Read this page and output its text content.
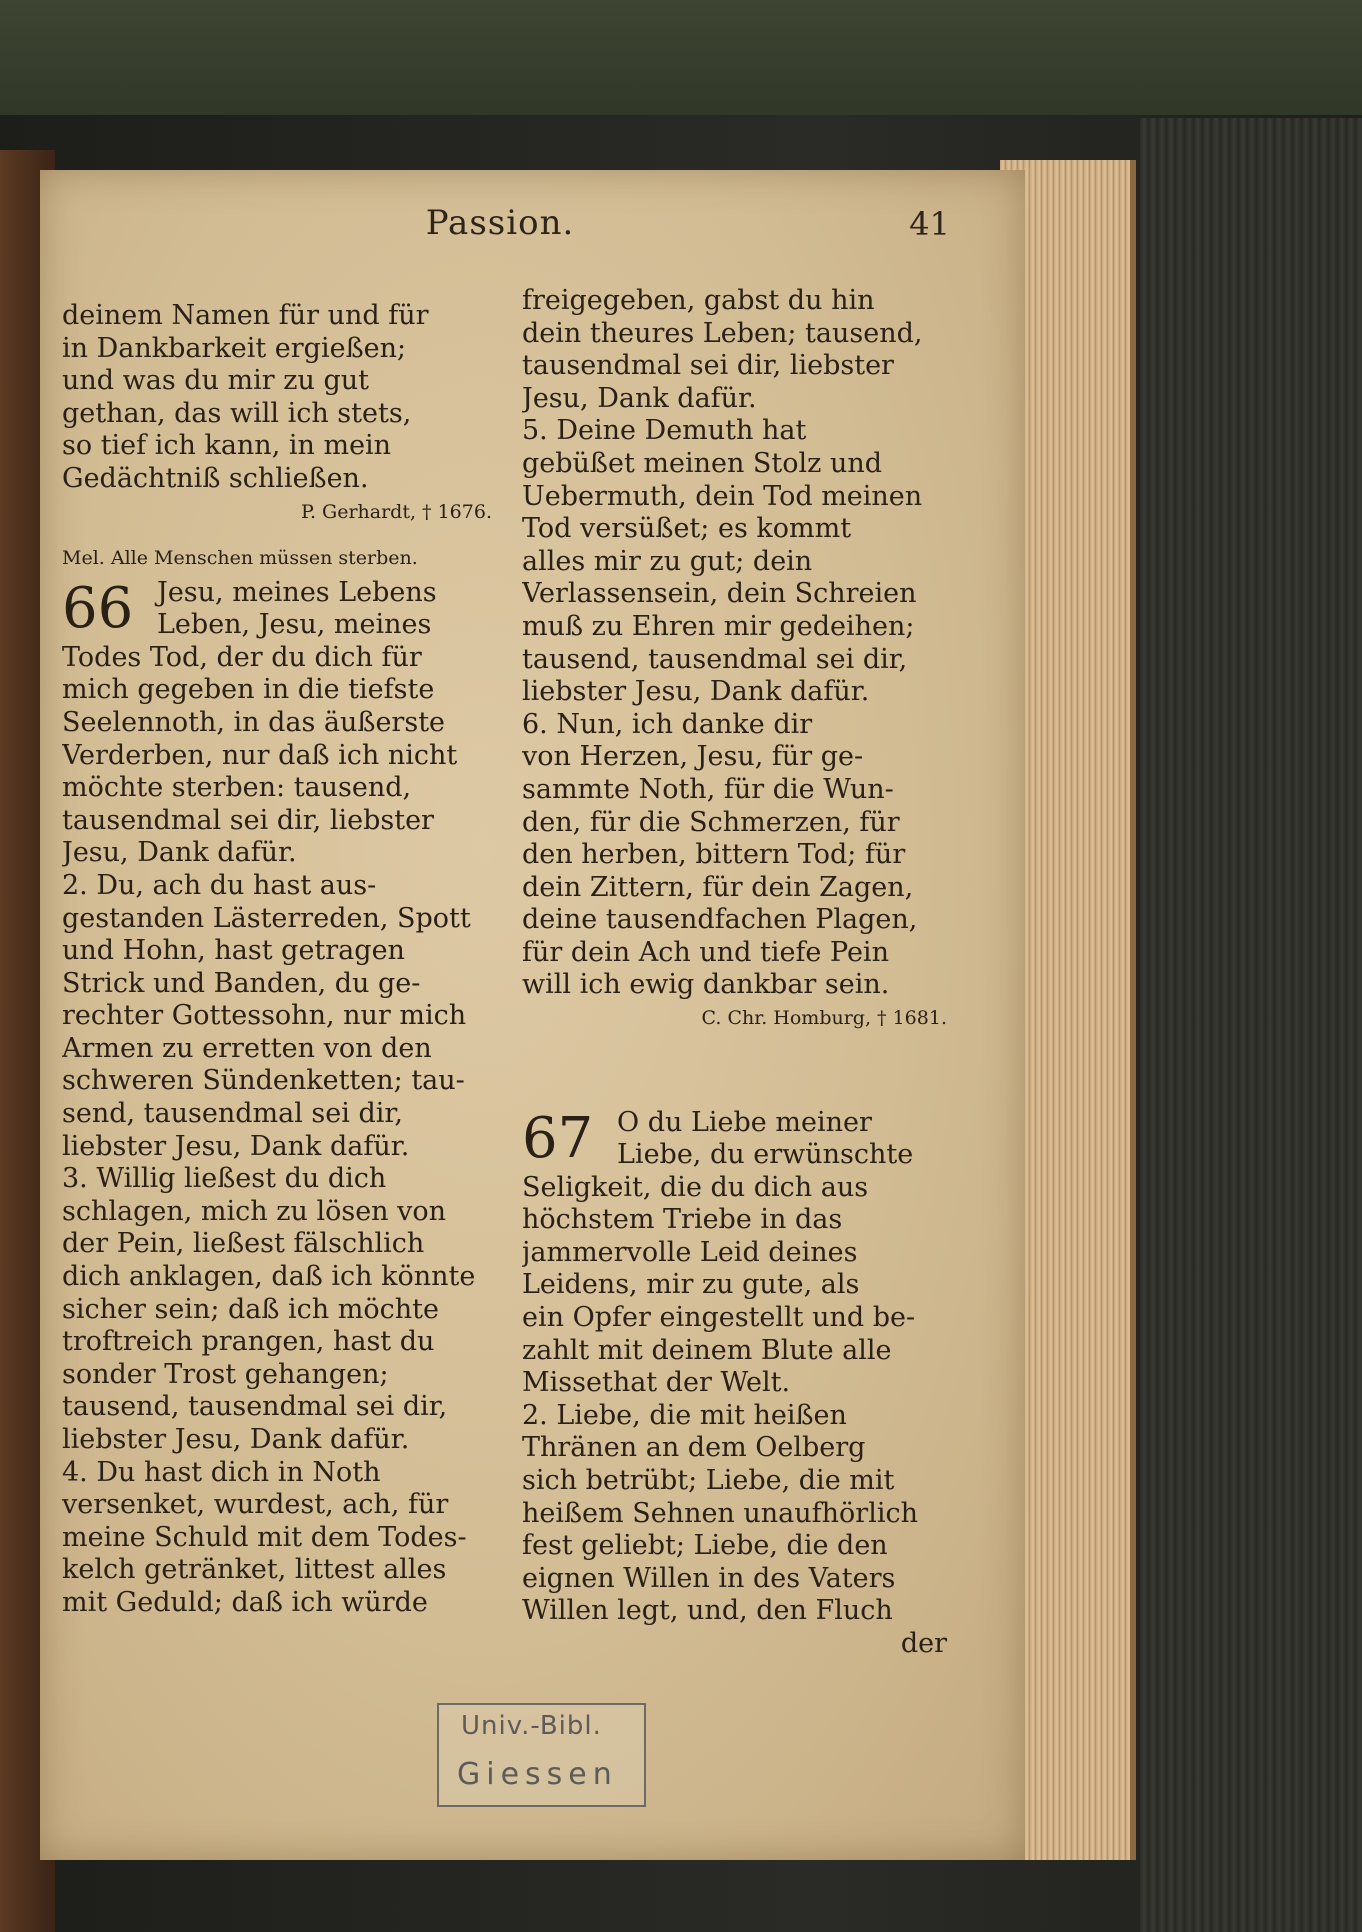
Passion.	41
deinem Namen für und für
in Dankbarkeit ergießen;
und was du mir zu gut
gethan, das will ich stets,
so tief ich kann, in mein
Gedächtniß schließen.
P. Gerhardt, † 1676.
Mel. Alle Menschen müssen sterben.
66 Jesu, meines Lebens
Leben, Jesu, meines
Todes Tod, der du dich für
mich gegeben in die tiefste
Seelennoth, in das äußerste
Verderben, nur daß ich nicht
möchte sterben: tausend,
tausendmal sei dir, liebster
Jesu, Dank dafür.
2. Du, ach du hast aus-
gestanden Lästerreden, Spott
und Hohn, hast getragen
Strick und Banden, du ge-
rechter Gottessohn, nur mich
Armen zu erretten von den
schweren Sündenketten; tau-
send, tausendmal sei dir,
liebster Jesu, Dank dafür.
3. Willig ließest du dich
schlagen, mich zu lösen von
der Pein, ließest fälschlich
dich anklagen, daß ich könnte
sicher sein; daß ich möchte
troftreich prangen, hast du
sonder Trost gehangen;
tausend, tausendmal sei dir,
liebster Jesu, Dank dafür.
4. Du hast dich in Noth
versenket, wurdest, ach, für
meine Schuld mit dem Todes-
kelch getränket, littest alles
mit Geduld; daß ich würde
freigegeben, gabst du hin
dein theures Leben; tausend,
tausendmal sei dir, liebster
Jesu, Dank dafür.
5. Deine Demuth hat
gebüßet meinen Stolz und
Uebermuth, dein Tod meinen
Tod versüßet; es kommt
alles mir zu gut; dein
Verlassensein, dein Schreien
muß zu Ehren mir gedeihen;
tausend, tausendmal sei dir,
liebster Jesu, Dank dafür.
6. Nun, ich danke dir
von Herzen, Jesu, für ge-
sammte Noth, für die Wun-
den, für die Schmerzen, für
den herben, bittern Tod; für
dein Zittern, für dein Zagen,
deine tausendfachen Plagen,
für dein Ach und tiefe Pein
will ich ewig dankbar sein.
C. Chr. Homburg, † 1681.
67 O du Liebe meiner
Liebe, du erwünschte
Seligkeit, die du dich aus
höchstem Triebe in das
jammervolle Leid deines
Leidens, mir zu gute, als
ein Opfer eingestellt und be-
zahlt mit deinem Blute alle
Missethat der Welt.
2. Liebe, die mit heißen
Thränen an dem Oelberg
sich betrübt; Liebe, die mit
heißem Sehnen unaufhörlich
fest geliebt; Liebe, die den
eignen Willen in des Vaters
Willen legt, und, den Fluch
der
Univ.-Bibl.
Giessen
